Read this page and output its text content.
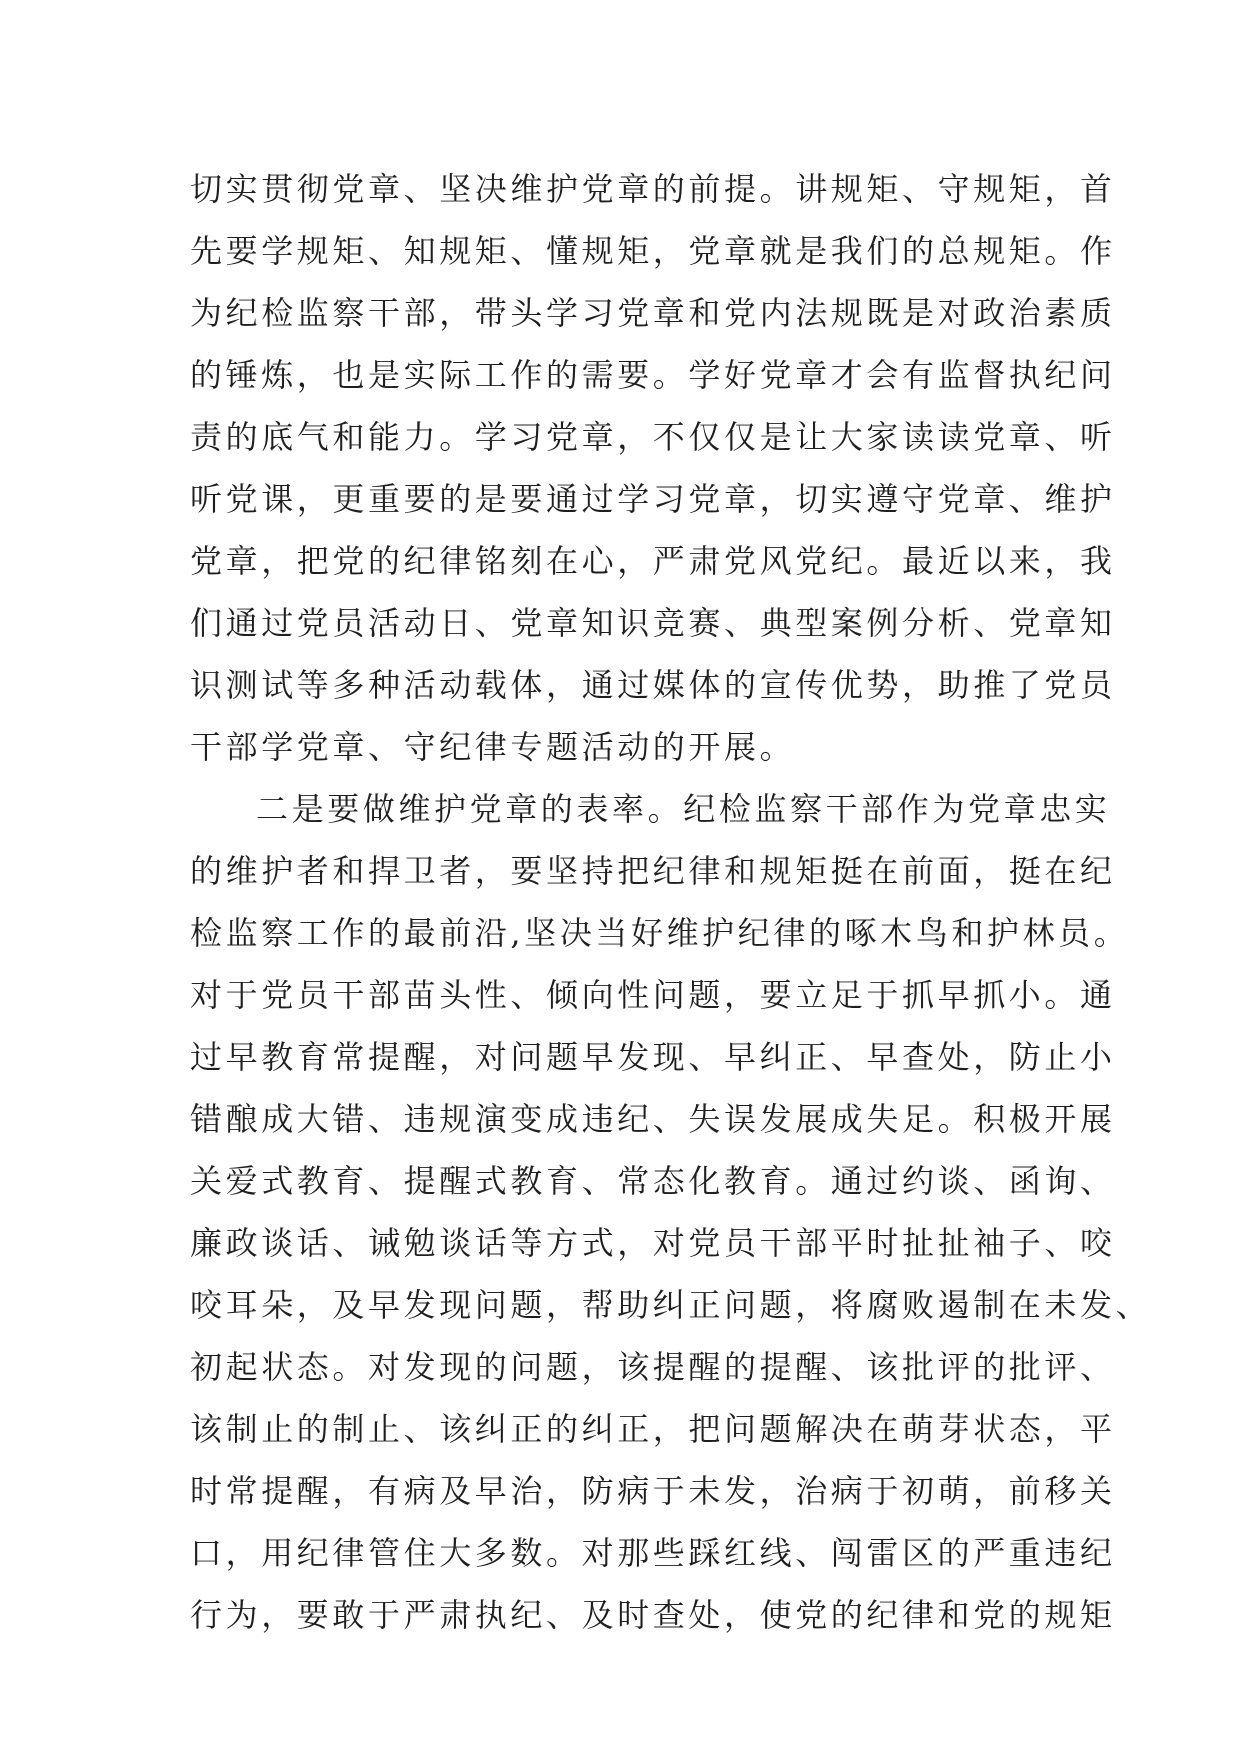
切实贯彻党章、坚决维护党章的前提。讲规矩、守规矩，首
先要学规矩、知规矩、懂规矩，党章就是我们的总规矩。作
为纪检监察干部，带头学习党章和党内法规既是对政治素质
的锤炼，也是实际工作的需要。学好党章才会有监督执纪问
责的底气和能力。学习党章，不仅仅是让大家读读党章、听
听党课，更重要的是要通过学习党章，切实遵守党章、维护
党章，把党的纪律铭刻在心，严肃党风党纪。最近以来，我
们通过党员活动日、党章知识竞赛、典型案例分析、党章知
识测试等多种活动载体，通过媒体的宣传优势，助推了党员
干部学党章、守纪律专题活动的开展。
二是要做维护党章的表率。纪检监察干部作为党章忠实
的维护者和捍卫者，要坚持把纪律和规矩挺在前面，挺在纪
检监察工作的最前沿,坚决当好维护纪律的啄木鸟和护林员。
对于党员干部苗头性、倾向性问题，要立足于抓早抓小。通
过早教育常提醒，对问题早发现、早纠正、早查处，防止小
错酿成大错、违规演变成违纪、失误发展成失足。积极开展
关爱式教育、提醒式教育、常态化教育。通过约谈、函询、
廉政谈话、诫勉谈话等方式，对党员干部平时扯扯袖子、咬
咬耳朵，及早发现问题，帮助纠正问题，将腐败遏制在未发、
初起状态。对发现的问题，该提醒的提醒、该批评的批评、
该制止的制止、该纠正的纠正，把问题解决在萌芽状态，平
时常提醒，有病及早治，防病于未发，治病于初萌，前移关
口，用纪律管住大多数。对那些踩红线、闯雷区的严重违纪
行为，要敢于严肃执纪、及时查处，使党的纪律和党的规矩
